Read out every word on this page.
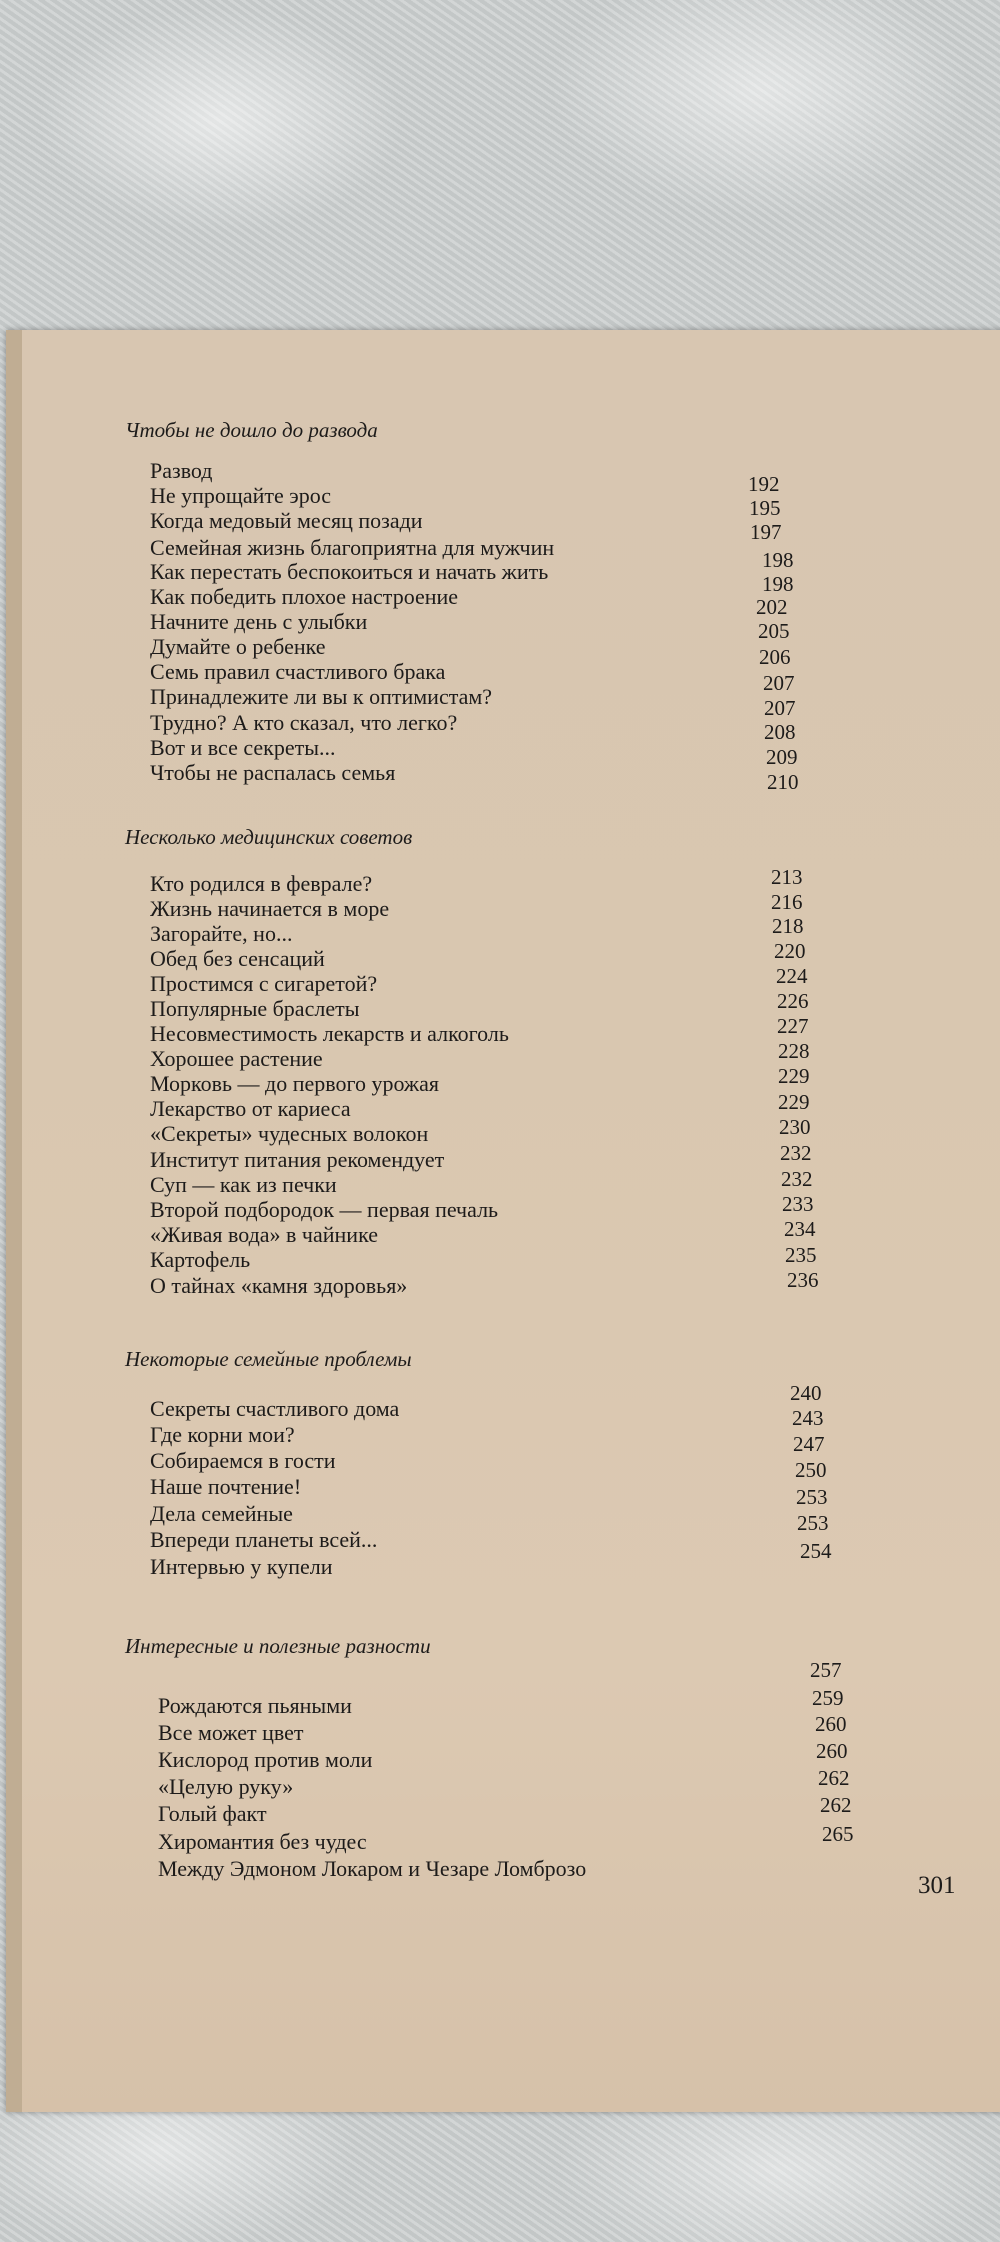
Чтобы не дошло до развода
Развод
Не упрощайте эрос
Когда медовый месяц позади
Семейная жизнь благоприятна для мужчин
Как перестать беспокоиться и начать жить
Как победить плохое настроение
Начните день с улыбки
Думайте о ребенке
Семь правил счастливого брака
Принадлежите ли вы к оптимистам?
Трудно? А кто сказал, что легко?
Вот и все секреты...
Чтобы не распалась семья
192
195
197
198
198
202
205
206
207
207
208
209
210
Несколько медицинских советов
Кто родился в феврале?
Жизнь начинается в море
Загорайте, но...
Обед без сенсаций
Простимся с сигаретой?
Популярные браслеты
Несовместимость лекарств и алкоголь
Хорошее растение
Морковь — до первого урожая
Лекарство от кариеса
«Секреты» чудесных волокон
Институт питания рекомендует
Суп — как из печки
Второй подбородок — первая печаль
«Живая вода» в чайнике
Картофель
О тайнах «камня здоровья»
213
216
218
220
224
226
227
228
229
229
230
232
232
233
234
235
236
Некоторые семейные проблемы
Секреты счастливого дома
Где корни мои?
Собираемся в гости
Наше почтение!
Дела семейные
Впереди планеты всей...
Интервью у купели
240
243
247
250
253
253
254
Интересные и полезные разности
Рождаются пьяными
Все может цвет
Кислород против моли
«Целую руку»
Голый факт
Хиромантия без чудес
Между Эдмоном Локаром и Чезаре Ломброзо
257
259
260
260
262
262
265
301
